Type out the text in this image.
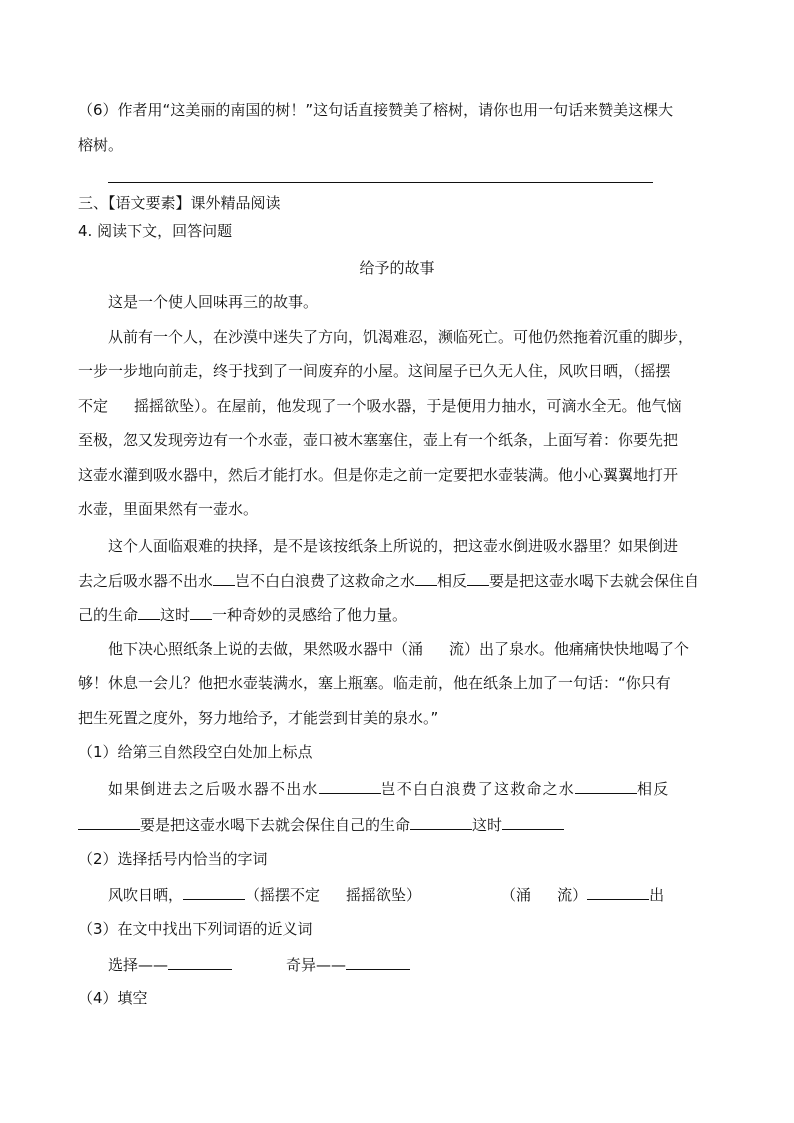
（6）作者用“这美丽的南国的树！”这句话直接赞美了榕树，请你也用一句话来赞美这棵大
榕树。
三、【语文要素】课外精品阅读
4. 阅读下文，回答问题
给予的故事
这是一个使人回味再三的故事。
从前有一个人，在沙漠中迷失了方向，饥渴难忍，濒临死亡。可他仍然拖着沉重的脚步，
一步一步地向前走，终于找到了一间废弃的小屋。这间屋子已久无人住，风吹日晒，（摇摆
不定 摇摇欲坠）。在屋前，他发现了一个吸水器，于是便用力抽水，可滴水全无。他气恼
至极，忽又发现旁边有一个水壶，壶口被木塞塞住，壶上有一个纸条，上面写着：你要先把
这壶水灌到吸水器中，然后才能打水。但是你走之前一定要把水壶装满。他小心翼翼地打开
水壶，里面果然有一壶水。
这个人面临艰难的抉择，是不是该按纸条上所说的，把这壶水倒进吸水器里？如果倒进
去之后吸水器不出水 岂不白白浪费了这救命之水 相反 要是把这壶水喝下去就会保住自
己的生命 这时 一种奇妙的灵感给了他力量。
他下决心照纸条上说的去做，果然吸水器中（涌 流）出了泉水。他痛痛快快地喝了个
够！休息一会儿？他把水壶装满水，塞上瓶塞。临走前，他在纸条上加了一句话：“你只有
把生死置之度外，努力地给予，才能尝到甘美的泉水。”
（1）给第三自然段空白处加上标点
如果倒进去之后吸水器不出水	岂不白白浪费了这救命之水	相反
要是把这壶水喝下去就会保住自己的生命	这时
（2）选择括号内恰当的字词
风吹日晒，	（摇摆不定 摇摇欲坠）	（涌 流）	出
（3）在文中找出下列词语的近义词
选择——	奇异——
（4）填空
